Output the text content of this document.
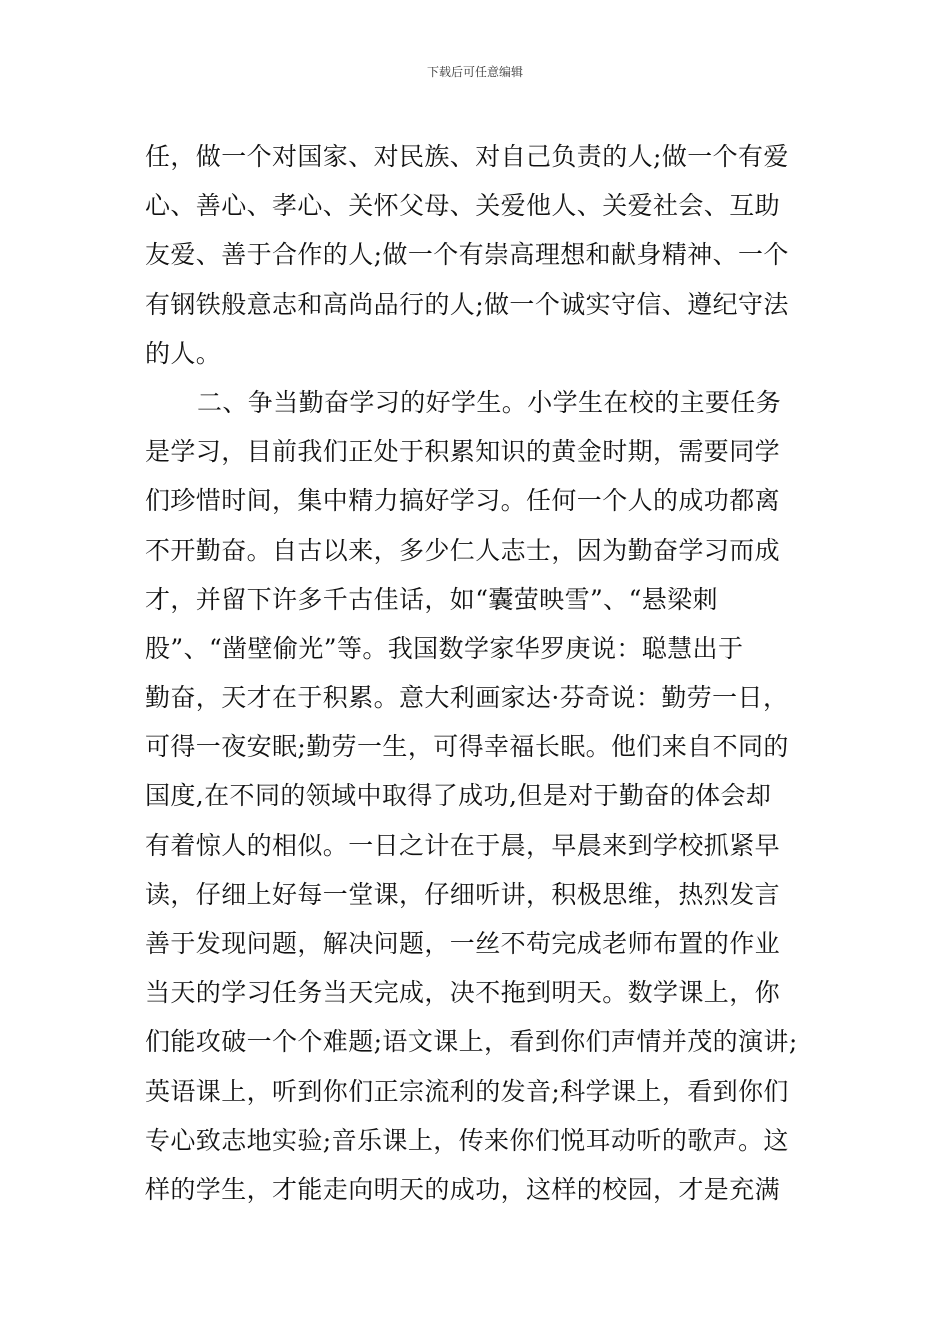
下载后可任意编辑
任，做一个对国家、对民族、对自己负责的人;做一个有爱
心、善心、孝心、关怀父母、关爱他人、关爱社会、互助
友爱、善于合作的人;做一个有崇高理想和献身精神、一个
有钢铁般意志和高尚品行的人;做一个诚实守信、遵纪守法
的人。
二、争当勤奋学习的好学生。小学生在校的主要任务
是学习，目前我们正处于积累知识的黄金时期，需要同学
们珍惜时间，集中精力搞好学习。任何一个人的成功都离
不开勤奋。自古以来，多少仁人志士，因为勤奋学习而成
才，并留下许多千古佳话，如“囊萤映雪”、“悬梁刺
股”、“凿壁偷光”等。我国数学家华罗庚说：聪慧出于
勤奋，天才在于积累。意大利画家达·芬奇说：勤劳一日，
可得一夜安眠;勤劳一生，可得幸福长眠。他们来自不同的
国度,在不同的领域中取得了成功,但是对于勤奋的体会却
有着惊人的相似。一日之计在于晨，早晨来到学校抓紧早
读，仔细上好每一堂课，仔细听讲，积极思维，热烈发言
善于发现问题，解决问题，一丝不苟完成老师布置的作业
当天的学习任务当天完成，决不拖到明天。数学课上，你
们能攻破一个个难题;语文课上，看到你们声情并茂的演讲;
英语课上，听到你们正宗流利的发音;科学课上，看到你们
专心致志地实验;音乐课上，传来你们悦耳动听的歌声。这
样的学生，才能走向明天的成功，这样的校园，才是充满
